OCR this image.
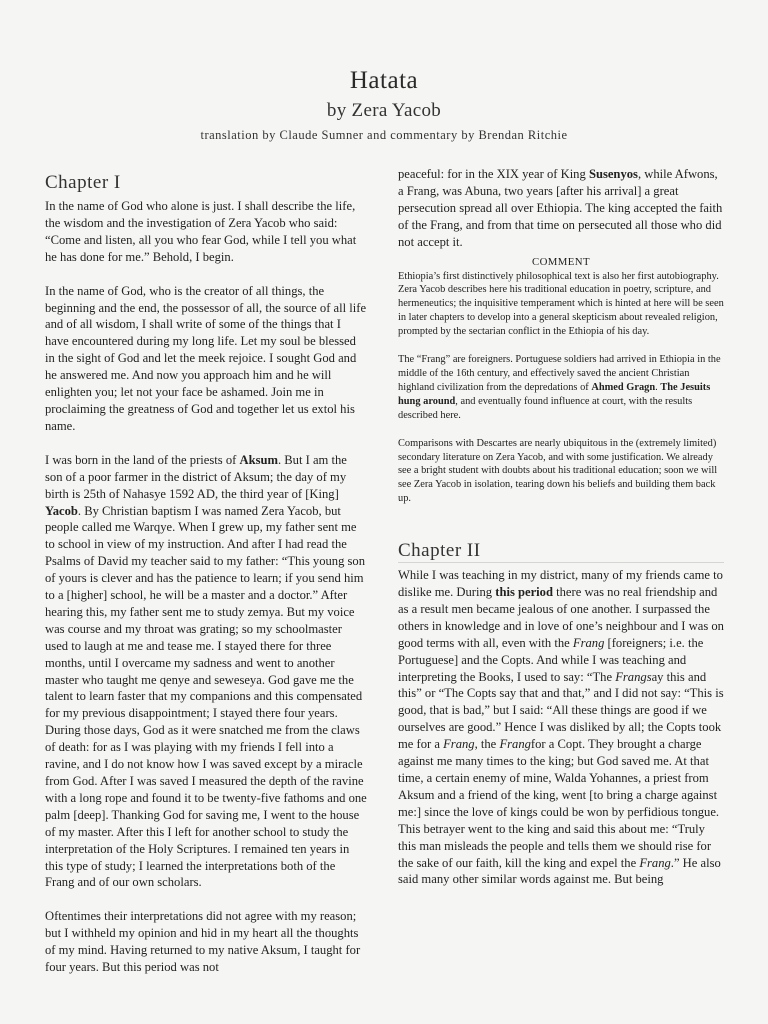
Hatata
by Zera Yacob
translation by Claude Sumner and commentary by Brendan Ritchie
Chapter I

In the name of God who alone is just. I shall describe the life, the wisdom and the investigation of Zera Yacob who said: “Come and listen, all you who fear God, while I tell you what he has done for me.” Behold, I begin.

In the name of God, who is the creator of all things, the beginning and the end, the possessor of all, the source of all life and of all wisdom, I shall write of some of the things that I have encountered during my long life. Let my soul be blessed in the sight of God and let the meek rejoice. I sought God and he answered me. And now you approach him and he will enlighten you; let not your face be ashamed. Join me in proclaiming the greatness of God and together let us extol his name.

I was born in the land of the priests of Aksum. But I am the son of a poor farmer in the district of Aksum; the day of my birth is 25th of Nahasye 1592 AD, the third year of [King] Yacob. By Christian baptism I was named Zera Yacob, but people called me Warqye. When I grew up, my father sent me to school in view of my instruction. And after I had read the Psalms of David my teacher said to my father: “This young son of yours is clever and has the patience to learn; if you send him to a [higher] school, he will be a master and a doctor.” After hearing this, my father sent me to study zemya. But my voice was course and my throat was grating; so my schoolmaster used to laugh at me and tease me. I stayed there for three months, until I overcame my sadness and went to another master who taught me qenye and seweseya. God gave me the talent to learn faster that my companions and this compensated for my previous disappointment; I stayed there four years. During those days, God as it were snatched me from the claws of death: for as I was playing with my friends I fell into a ravine, and I do not know how I was saved except by a miracle from God. After I was saved I measured the depth of the ravine with a long rope and found it to be twenty-five fathoms and one palm [deep]. Thanking God for saving me, I went to the house of my master. After this I left for another school to study the interpretation of the Holy Scriptures. I remained ten years in this type of study; I learned the interpretations both of the Frang and of our own scholars.

Oftentimes their interpretations did not agree with my reason; but I withheld my opinion and hid in my heart all the thoughts of my mind. Having returned to my native Aksum, I taught for four years. But this period was not

peaceful: for in the XIX year of King Susenyos, while Afwons, a Frang, was Abuna, two years [after his arrival] a great persecution spread all over Ethiopia. The king accepted the faith of the Frang, and from that time on persecuted all those who did not accept it.

COMMENT

Ethiopia’s first distinctively philosophical text is also her first autobiography. Zera Yacob describes here his traditional education in poetry, scripture, and hermeneutics; the inquisitive temperament which is hinted at here will be seen in later chapters to develop into a general skepticism about revealed religion, prompted by the sectarian conflict in the Ethiopia of his day.

The “Frang” are foreigners. Portuguese soldiers had arrived in Ethiopia in the middle of the 16th century, and effectively saved the ancient Christian highland civilization from the depredations of Ahmed Gragn. The Jesuits hung around, and eventually found influence at court, with the results described here.

Comparisons with Descartes are nearly ubiquitous in the (extremely limited) secondary literature on Zera Yacob, and with some justification. We already see a bright student with doubts about his traditional education; soon we will see Zera Yacob in isolation, tearing down his beliefs and building them back up.

Chapter II

While I was teaching in my district, many of my friends came to dislike me. During this period there was no real friendship and as a result men became jealous of one another. I surpassed the others in knowledge and in love of one’s neighbour and I was on good terms with all, even with the Frang [foreigners; i.e. the Portuguese] and the Copts. And while I was teaching and interpreting the Books, I used to say: “The Frangsay this and this” or “The Copts say that and that,” and I did not say: “This is good, that is bad,” but I said: “All these things are good if we ourselves are good.” Hence I was disliked by all; the Copts took me for a Frang, the Frangfor a Copt. They brought a charge against me many times to the king; but God saved me. At that time, a certain enemy of mine, Walda Yohannes, a priest from Aksum and a friend of the king, went [to bring a charge against me:] since the love of kings could be won by perfidious tongue. This betrayer went to the king and said this about me: “Truly this man misleads the people and tells them we should rise for the sake of our faith, kill the king and expel the Frang.” He also said many other similar words against me. But being
